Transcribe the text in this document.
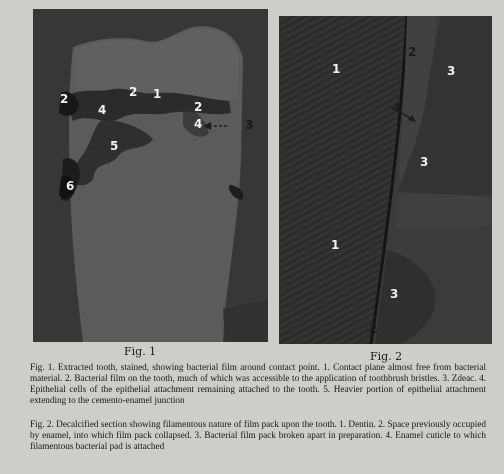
1
2
2
2
4
4
5
6
3
Fig. 1
1
1
2
2
3
3
3
4
Fig. 2

Fig. 1. Extracted tooth, stained, showing bacterial film around contact point. 1. Contact plane almost free from bacterial material. 2. Bacterial film on the tooth, much of which was accessible to the application of toothbrush bristles. 3. Zdeac. 4. Epithelial cells of the epithelial attachment remaining attached to the tooth. 5. Heavier portion of epithelial attachment extending to the cemento-enamel junction

Fig. 2. Decalcified section showing filamentous nature of film pack upon the tooth. 1. Dentin. 2. Space previously occupied by enamel, into which film pack collapsed. 3. Bacterial film pack broken apart in preparation. 4. Enamel cuticle to which filamentous bacterial pad is attached
